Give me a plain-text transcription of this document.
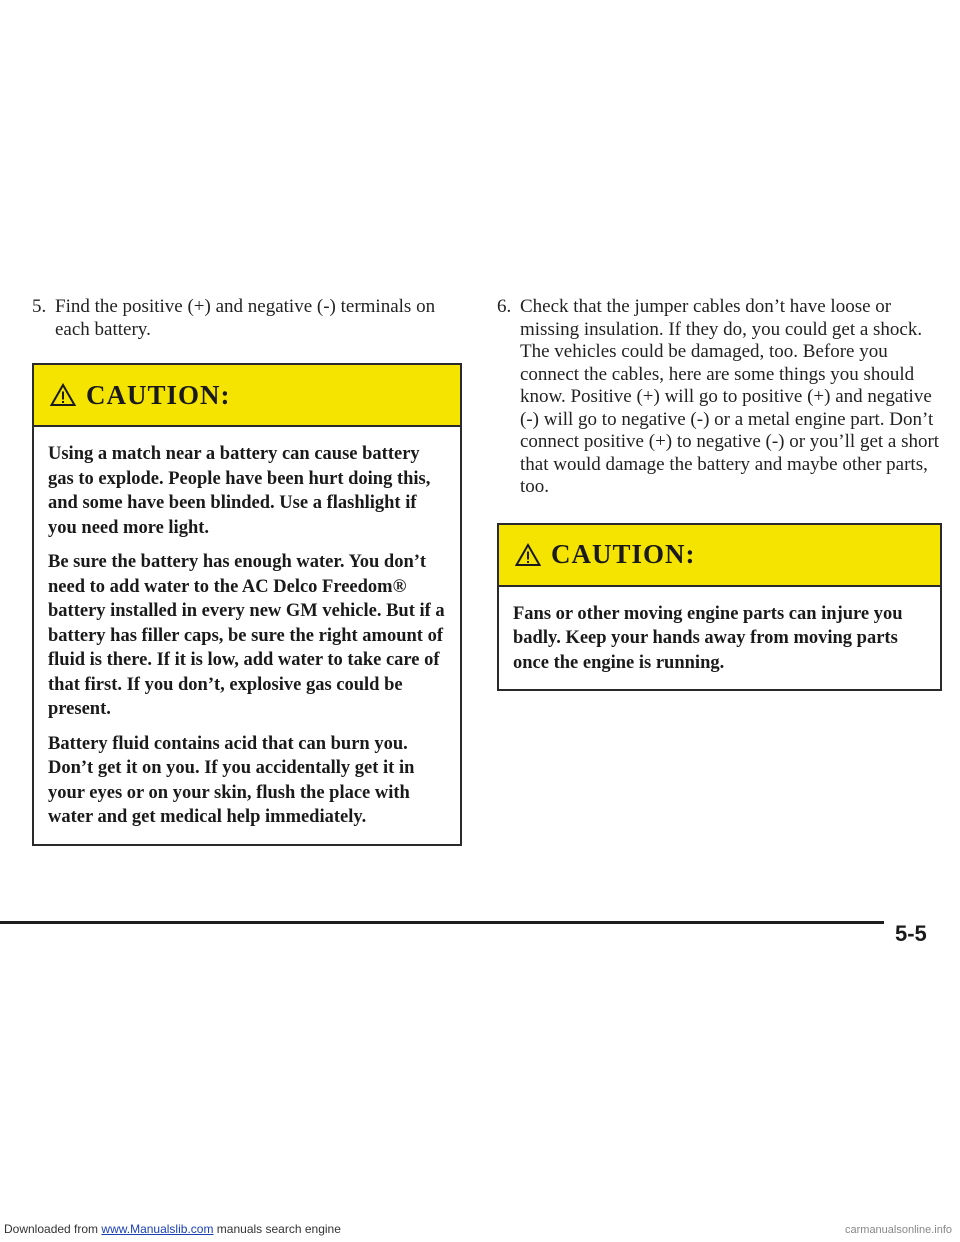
5. Find the positive (+) and negative (-) terminals on each battery.

CAUTION:

Using a match near a battery can cause battery gas to explode. People have been hurt doing this, and some have been blinded. Use a flashlight if you need more light.

Be sure the battery has enough water. You don’t need to add water to the AC Delco Freedom® battery installed in every new GM vehicle. But if a battery has filler caps, be sure the right amount of fluid is there. If it is low, add water to take care of that first. If you don’t, explosive gas could be present.

Battery fluid contains acid that can burn you. Don’t get it on you. If you accidentally get it in your eyes or on your skin, flush the place with water and get medical help immediately.

6. Check that the jumper cables don’t have loose or missing insulation. If they do, you could get a shock. The vehicles could be damaged, too. Before you connect the cables, here are some things you should know. Positive (+) will go to positive (+) and negative (-) will go to negative (-) or a metal engine part. Don’t connect positive (+) to negative (-) or you’ll get a short that would damage the battery and maybe other parts, too.

CAUTION:

Fans or other moving engine parts can injure you badly. Keep your hands away from moving parts once the engine is running.

5-5
Downloaded from www.Manualslib.com manuals search engine	carmanualsonline.info
